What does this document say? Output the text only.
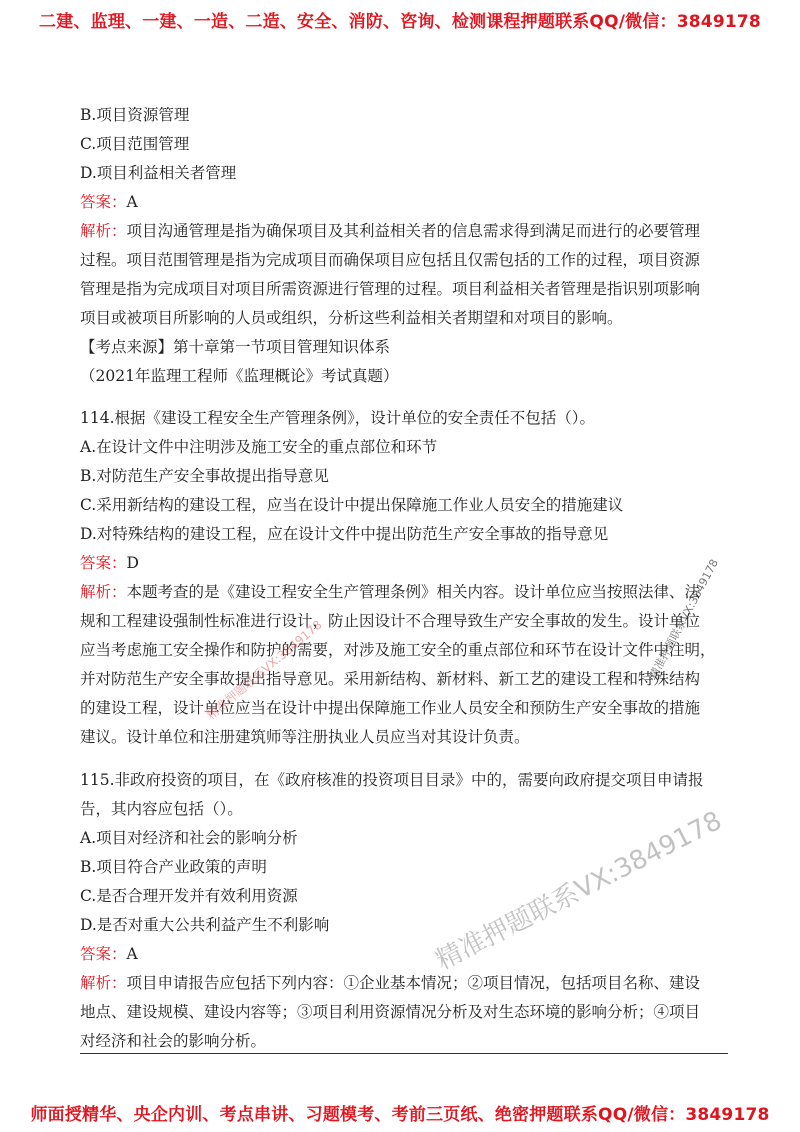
二建、监理、一建、一造、二造、安全、消防、咨询、检测课程押题联系QQ/微信：3849178
B.项目资源管理
C.项目范围管理
D.项目利益相关者管理
答案：A
解析：项目沟通管理是指为确保项目及其利益相关者的信息需求得到满足而进行的必要管理
过程。项目范围管理是指为完成项目而确保项目应包括且仅需包括的工作的过程，项目资源
管理是指为完成项目对项目所需资源进行管理的过程。项目利益相关者管理是指识别项影响
项目或被项目所影响的人员或组织，分析这些利益相关者期望和对项目的影响。
【考点来源】第十章第一节项目管理知识体系
（2021年监理工程师《监理概论》考试真题）
114.根据《建设工程安全生产管理条例》，设计单位的安全责任不包括（）。
A.在设计文件中注明涉及施工安全的重点部位和环节
B.对防范生产安全事故提出指导意见
C.采用新结构的建设工程，应当在设计中提出保障施工作业人员安全的措施建议
D.对特殊结构的建设工程，应在设计文件中提出防范生产安全事故的指导意见
答案：D
解析：本题考查的是《建设工程安全生产管理条例》相关内容。设计单位应当按照法律、法
规和工程建设强制性标准进行设计，防止因设计不合理导致生产安全事故的发生。设计单位
应当考虑施工安全操作和防护的需要，对涉及施工安全的重点部位和环节在设计文件中注明，
并对防范生产安全事故提出指导意见。采用新结构、新材料、新工艺的建设工程和特殊结构
的建设工程，设计单位应当在设计中提出保障施工作业人员安全和预防生产安全事故的措施
建议。设计单位和注册建筑师等注册执业人员应当对其设计负责。
115.非政府投资的项目，在《政府核准的投资项目目录》中的，需要向政府提交项目申请报
告，其内容应包括（）。
A.项目对经济和社会的影响分析
B.项目符合产业政策的声明
C.是否合理开发并有效利用资源
D.是否对重大公共利益产生不利影响
答案：A
解析：项目申请报告应包括下列内容：①企业基本情况；②项目情况，包括项目名称、建设
地点、建设规模、建设内容等；③项目利用资源情况分析及对生态环境的影响分析；④项目
对经济和社会的影响分析。
精准押题联系VX:3849178	精准押题联系VX:3849178
精准押题联系VX:3849178
师面授精华、央企内训、考点串讲、习题模考、考前三页纸、绝密押题联系QQ/微信：3849178
